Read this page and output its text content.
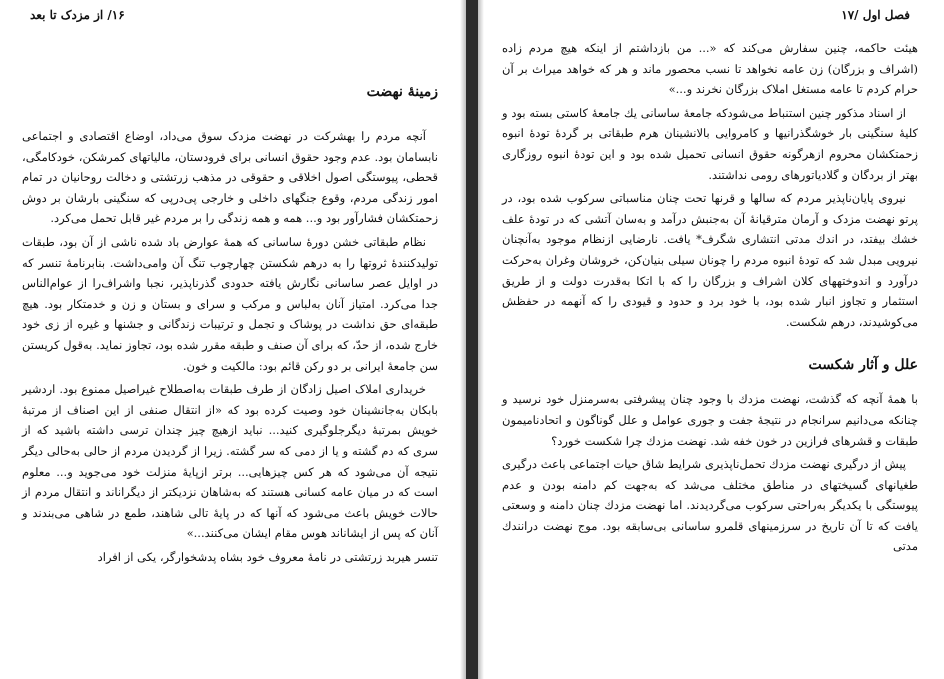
۱۶/ از مزدک تا بعد
زمینهٔ نهضت

آنچه مردم را بهشرکت در نهضت مزدک سوق می‌داد، اوضاع اقتصادی و اجتماعی نابسامان بود. عدم وجود حقوق انسانی برای فرودستان، مالیاتهای کمرشکن، خودکامگی، قحطی، پیوستگی اصول اخلاقی و حقوقی در مذهب زرتشتی و دخالت روحانیان در تمام امور زندگی مردم، وقوع جنگهای داخلی و خارجی پی‌درپی که سنگینی بارشان بر دوش زحمتکشان فشارآور بود و... همه و همه زندگی را بر مردم غیر قابل تحمل می‌کرد.

نظام طبقاتی خشن دورهٔ ساسانی که همهٔ عوارض باد شده ناشی از آن بود، طبقات تولیدکنندهٔ ثروتها را به درهم شکستن چهارچوب تنگ آن وامی‌داشت. بنابرنامهٔ تنسر که در اوایل عصر ساسانی نگارش یافته حدودی گذرناپذیر، نجبا واشراف‌را از عوام‌الناس جدا می‌کرد. امتیاز آنان به‌لباس و مرکب و سرای و بستان و زن و خدمتکار بود. هیچ طبقه‌ای حق نداشت در پوشاک و تجمل و ترتیبات زندگانی و جشنها و غیره از زی خود خارج شده، از حدّ، که برای آن صنف و طبقه مقرر شده بود، تجاوز نماید. به‌قول کریستن سن جامعهٔ ایرانی بر دو رکن قائم بود: مالکیت و خون.

خریداری املاک اصیل زادگان از طرف طبقات به‌اصطلاح غیراصیل ممنوع بود. اردشیر بابکان به‌جانشینان خود وصیت کرده بود که «از انتقال صنفی از این اصناف از مرتبهٔ خویش بمرتبهٔ دیگرجلوگیری کنید... نباید ازهیچ چیز چندان ترسی داشته باشید که از سری که دم گشته و یا از دمی که سر گشته. زیرا از گردیدن مردم از حالی به‌حالی دیگر نتیجه آن می‌شود که هر کس چیزهایی... برتر ازپایهٔ منزلت خود می‌جوید و... معلوم است که در میان عامه کسانی هستند که به‌شاهان نزدیکتر از دیگراناند و انتقال مردم از حالات خویش باعث می‌شود که آنها که در پایهٔ تالی شاهند، طمع در شاهی می‌بندند و آنان که پس از ایشاناند هوس مقام ایشان می‌کنند...»

تنسر هیربد زرتشتی در نامهٔ معروف خود بشاه پدشخوارگر، یکی از افراد

فصل اول /۱۷

هیئت حاکمه، چنین سفارش می‌کند که «... من بازداشتم از اینکه هیچ مردم زاده (اشراف و بزرگان) زن عامه نخواهد تا نسب محصور ماند و هر که خواهد میراث بر آن حرام کردم تا عامه مستغل املاک بزرگان نخرند و...»

از اسناد مذکور چنین استنباط می‌شودکه جامعهٔ ساسانی یك جامعهٔ کاستی بسته بود و کلیهٔ سنگینی بار خوشگذرانیها و کامروایی بالانشینان هرم طبقاتی بر گردهٔ تودهٔ انبوه زحمتکشان محروم ازهرگونه حقوق انسانی تحمیل شده بود و این تودهٔ انبوه روزگاری بهتر از بردگان و گلادیاتورهای رومی نداشتند.

نیروی پایان‌ناپذیر مردم که سالها و قرنها تحت چنان مناسباتی سرکوب شده بود، در پرتو نهضت مزدک و آرمان مترقیانهٔ آن به‌جنبش درآمد و به‌سان آتشی که در تودهٔ علف خشك بیفتد، در اندك مدتی انتشاری شگرف* یافت. نارضایی ازنظام موجود به‌آنچنان نیرویی مبدل شد که تودهٔ انبوه مردم را چونان سیلی بنیان‌کن، خروشان وغران به‌حرکت درآورد و اندوختههای کلان اشراف و بزرگان را که با اتکا به‌قدرت دولت و از طریق استثمار و تجاوز انبار شده بود، با خود برد و حدود و قیودی را که آنهمه در حفظش می‌کوشیدند، درهم شکست.

علل و آثار شکست

با همهٔ آنچه که گذشت، نهضت مزدك با وجود چنان پیشرفتی به‌سرمنزل خود نرسید و چنانکه می‌دانیم سرانجام در نتیجهٔ جفت و جوری عوامل و علل گوناگون و اتحادنامیمون طبقات و قشرهای فرازین در خون خفه شد. نهضت مزدك چرا شکست خورد؟

پیش از درگیری نهضت مزدك تحمل‌ناپذیری شرایط شاق حیات اجتماعی باعث درگیری طغیانهای گسیختهای در مناطق مختلف می‌شد که به‌جهت کم دامنه بودن و عدم پیوستگی با یکدیگر به‌راحتی سرکوب می‌گردیدند. اما نهضت مزدك چنان دامنه و وسعتی یافت که تا آن تاریخ در سرزمینهای قلمرو ساسانی بی‌سابقه بود. موج نهضت درانندك مدتی
